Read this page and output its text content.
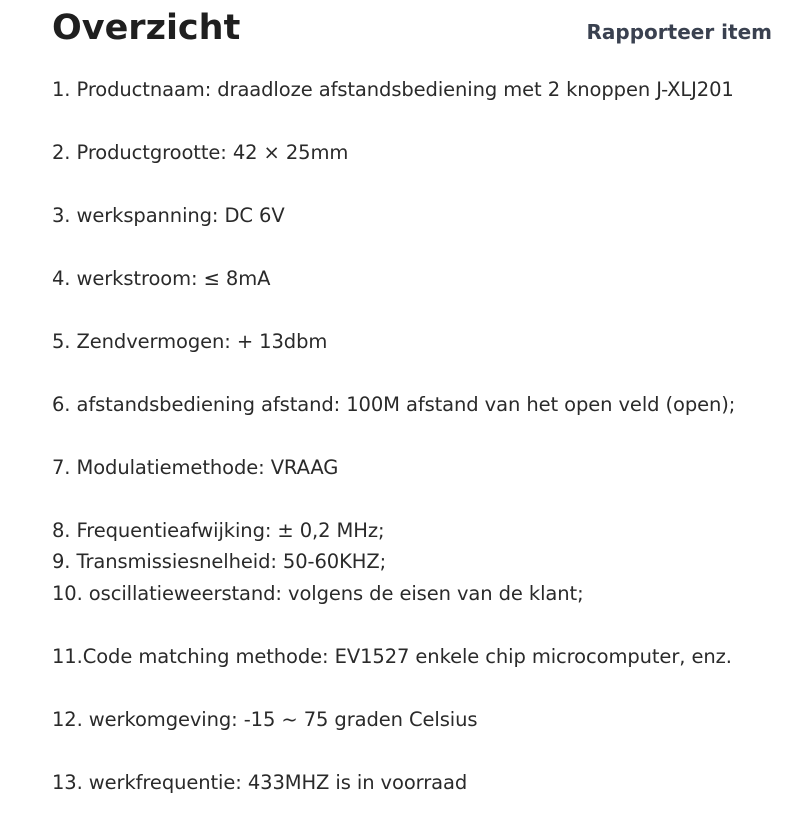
Overzicht	Rapporteer item
1. Productnaam: draadloze afstandsbediening met 2 knoppen J-XLJ201
2. Productgrootte: 42 × 25mm
3. werkspanning: DC 6V
4. werkstroom: ≤ 8mA
5. Zendvermogen: + 13dbm
6. afstandsbediening afstand: 100M afstand van het open veld (open);
7. Modulatiemethode: VRAAG
8. Frequentieafwijking: ± 0,2 MHz;
9. Transmissiesnelheid: 50-60KHZ;
10. oscillatieweerstand: volgens de eisen van de klant;
11.Code matching methode: EV1527 enkele chip microcomputer, enz.
12. werkomgeving: -15 ~ 75 graden Celsius
13. werkfrequentie: 433MHZ is in voorraad
